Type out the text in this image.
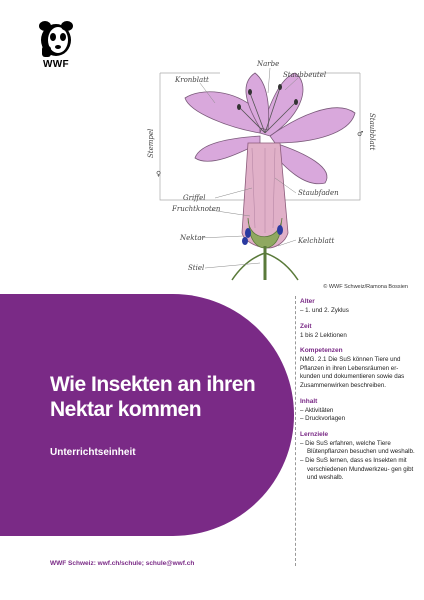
WWF
Kronblatt
Narbe
Staubbeutel
Griffel
Fruchtknoten
Staubfaden
Nektar	Kelchblatt
Stiel
Stempel	Staubblatt
♀
♂
© WWF Schweiz/Ramona Bossien
Wie Insekten an ihren
Nektar kommen
Unterrichtseinheit
WWF Schweiz: wwf.ch/schule; schule@wwf.ch
Alter
– 1. und 2. Zyklus
Zeit

1 bis 2 Lektionen

Kompetenzen

NMG. 2.1 Die SuS können Tiere und Pflanzen in ihren Lebensräumen er- kunden und dokumentieren sowie das Zusammenwirken beschreiben.

Inhalt
– Aktivitäten
– Druckvorlagen
Lernziele
– Die SuS erfahren, welche Tiere Blütenpflanzen besuchen und weshalb.
– Die SuS lernen, dass es Insekten mit verschiedenen Mundwerkzeu- gen gibt und weshalb.
